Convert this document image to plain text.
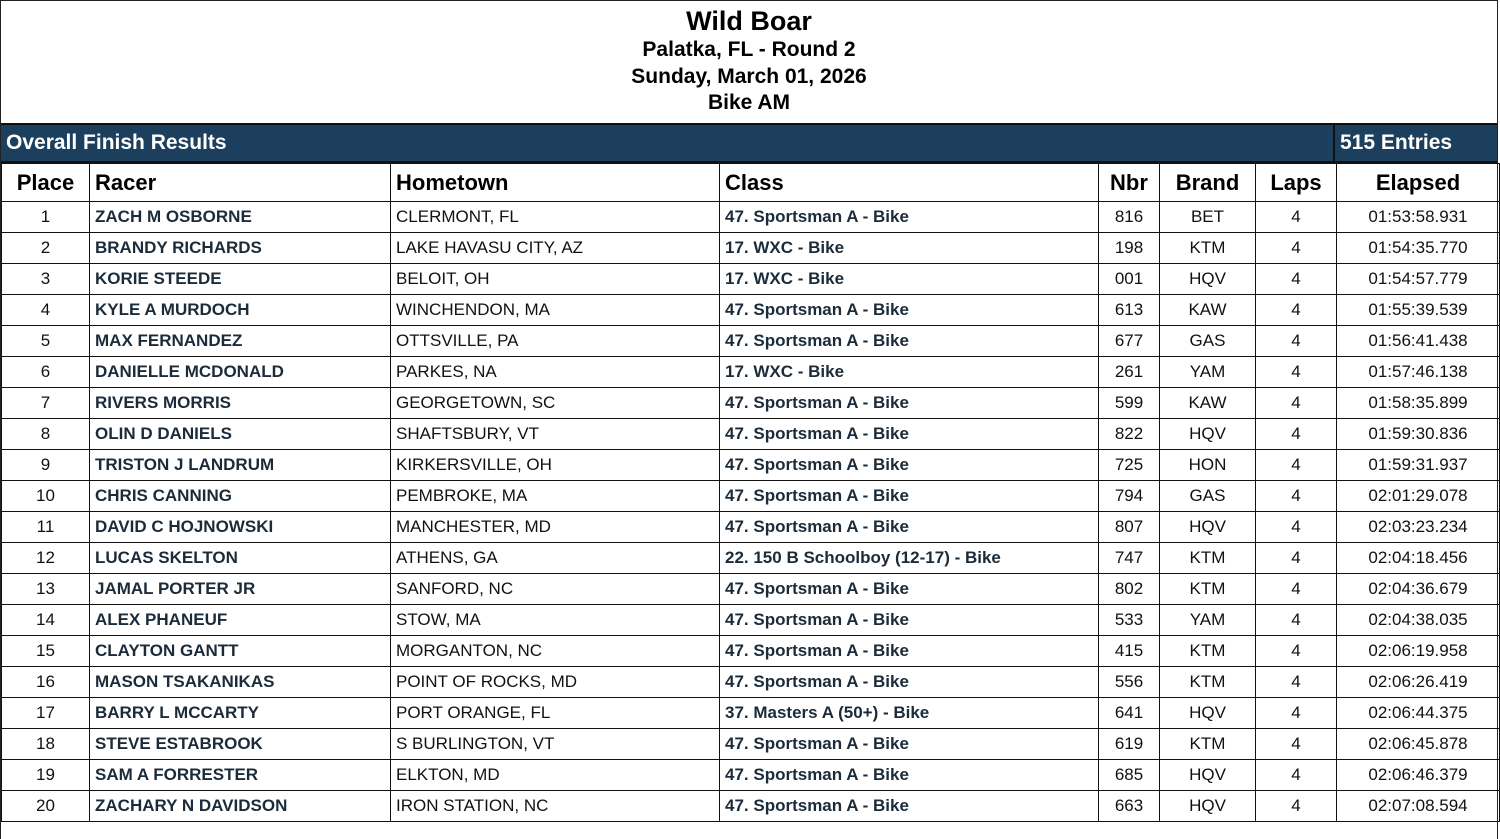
Wild Boar
Palatka, FL - Round 2
Sunday, March 01, 2026
Bike AM
Overall Finish Results	515 Entries
Place	Racer	Hometown	Class	Nbr	Brand	Laps	Elapsed
1	ZACH M OSBORNE	CLERMONT, FL	47. Sportsman A - Bike	816	BET	4	01:53:58.931
2	BRANDY RICHARDS	LAKE HAVASU CITY, AZ	17. WXC - Bike	198	KTM	4	01:54:35.770
3	KORIE STEEDE	BELOIT, OH	17. WXC - Bike	001	HQV	4	01:54:57.779
4	KYLE A MURDOCH	WINCHENDON, MA	47. Sportsman A - Bike	613	KAW	4	01:55:39.539
5	MAX FERNANDEZ	OTTSVILLE, PA	47. Sportsman A - Bike	677	GAS	4	01:56:41.438
6	DANIELLE MCDONALD	PARKES, NA	17. WXC - Bike	261	YAM	4	01:57:46.138
7	RIVERS MORRIS	GEORGETOWN, SC	47. Sportsman A - Bike	599	KAW	4	01:58:35.899
8	OLIN D DANIELS	SHAFTSBURY, VT	47. Sportsman A - Bike	822	HQV	4	01:59:30.836
9	TRISTON J LANDRUM	KIRKERSVILLE, OH	47. Sportsman A - Bike	725	HON	4	01:59:31.937
10	CHRIS CANNING	PEMBROKE, MA	47. Sportsman A - Bike	794	GAS	4	02:01:29.078
11	DAVID C HOJNOWSKI	MANCHESTER, MD	47. Sportsman A - Bike	807	HQV	4	02:03:23.234
12	LUCAS SKELTON	ATHENS, GA	22. 150 B Schoolboy (12-17) - Bike	747	KTM	4	02:04:18.456
13	JAMAL PORTER JR	SANFORD, NC	47. Sportsman A - Bike	802	KTM	4	02:04:36.679
14	ALEX PHANEUF	STOW, MA	47. Sportsman A - Bike	533	YAM	4	02:04:38.035
15	CLAYTON GANTT	MORGANTON, NC	47. Sportsman A - Bike	415	KTM	4	02:06:19.958
16	MASON TSAKANIKAS	POINT OF ROCKS, MD	47. Sportsman A - Bike	556	KTM	4	02:06:26.419
17	BARRY L MCCARTY	PORT ORANGE, FL	37. Masters A (50+) - Bike	641	HQV	4	02:06:44.375
18	STEVE ESTABROOK	S BURLINGTON, VT	47. Sportsman A - Bike	619	KTM	4	02:06:45.878
19	SAM A FORRESTER	ELKTON, MD	47. Sportsman A - Bike	685	HQV	4	02:06:46.379
20	ZACHARY N DAVIDSON	IRON STATION, NC	47. Sportsman A - Bike	663	HQV	4	02:07:08.594
